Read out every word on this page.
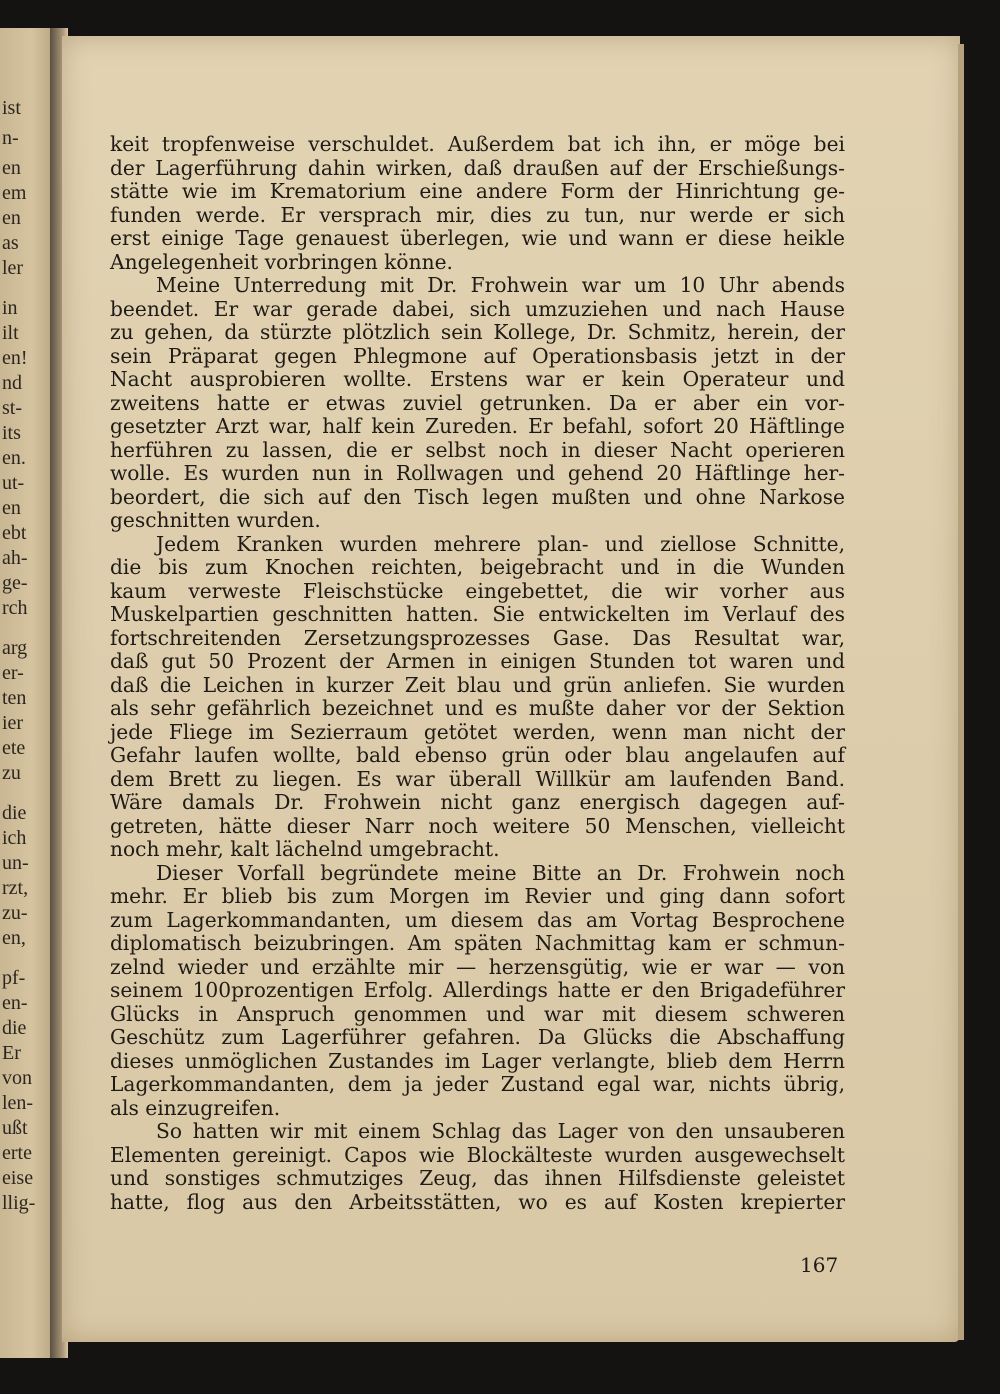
ist
n-
en
em
en
as
ler
in
ilt
en!
nd
st-
its
en.
ut-
en
ebt
ah-
ge-
rch
arg
er-
ten
ier
ete
zu
die
ich
un-
rzt,
zu-
en,
pf-
en-
die
Er
von
len-
ußt
erte
eise
llig-
keit tropfenweise verschuldet. Außerdem bat ich ihn, er möge bei
der Lagerführung dahin wirken, daß draußen auf der Erschießungs-
stätte wie im Krematorium eine andere Form der Hinrichtung ge-
funden werde. Er versprach mir, dies zu tun, nur werde er sich
erst einige Tage genauest überlegen, wie und wann er diese heikle
Angelegenheit vorbringen könne.
Meine Unterredung mit Dr. Frohwein war um 10 Uhr abends
beendet. Er war gerade dabei, sich umzuziehen und nach Hause
zu gehen, da stürzte plötzlich sein Kollege, Dr. Schmitz, herein, der
sein Präparat gegen Phlegmone auf Operationsbasis jetzt in der
Nacht ausprobieren wollte. Erstens war er kein Operateur und
zweitens hatte er etwas zuviel getrunken. Da er aber ein vor-
gesetzter Arzt war, half kein Zureden. Er befahl, sofort 20 Häftlinge
herführen zu lassen, die er selbst noch in dieser Nacht operieren
wolle. Es wurden nun in Rollwagen und gehend 20 Häftlinge her-
beordert, die sich auf den Tisch legen mußten und ohne Narkose
geschnitten wurden.
Jedem Kranken wurden mehrere plan- und ziellose Schnitte,
die bis zum Knochen reichten, beigebracht und in die Wunden
kaum verweste Fleischstücke eingebettet, die wir vorher aus
Muskelpartien geschnitten hatten. Sie entwickelten im Verlauf des
fortschreitenden Zersetzungsprozesses Gase. Das Resultat war,
daß gut 50 Prozent der Armen in einigen Stunden tot waren und
daß die Leichen in kurzer Zeit blau und grün anliefen. Sie wurden
als sehr gefährlich bezeichnet und es mußte daher vor der Sektion
jede Fliege im Sezierraum getötet werden, wenn man nicht der
Gefahr laufen wollte, bald ebenso grün oder blau angelaufen auf
dem Brett zu liegen. Es war überall Willkür am laufenden Band.
Wäre damals Dr. Frohwein nicht ganz energisch dagegen auf-
getreten, hätte dieser Narr noch weitere 50 Menschen, vielleicht
noch mehr, kalt lächelnd umgebracht.
Dieser Vorfall begründete meine Bitte an Dr. Frohwein noch
mehr. Er blieb bis zum Morgen im Revier und ging dann sofort
zum Lagerkommandanten, um diesem das am Vortag Besprochene
diplomatisch beizubringen. Am späten Nachmittag kam er schmun-
zelnd wieder und erzählte mir — herzensgütig, wie er war — von
seinem 100prozentigen Erfolg. Allerdings hatte er den Brigadeführer
Glücks in Anspruch genommen und war mit diesem schweren
Geschütz zum Lagerführer gefahren. Da Glücks die Abschaffung
dieses unmöglichen Zustandes im Lager verlangte, blieb dem Herrn
Lagerkommandanten, dem ja jeder Zustand egal war, nichts übrig,
als einzugreifen.
So hatten wir mit einem Schlag das Lager von den unsauberen
Elementen gereinigt. Capos wie Blockälteste wurden ausgewechselt
und sonstiges schmutziges Zeug, das ihnen Hilfsdienste geleistet
hatte, flog aus den Arbeitsstätten, wo es auf Kosten krepierter
167
